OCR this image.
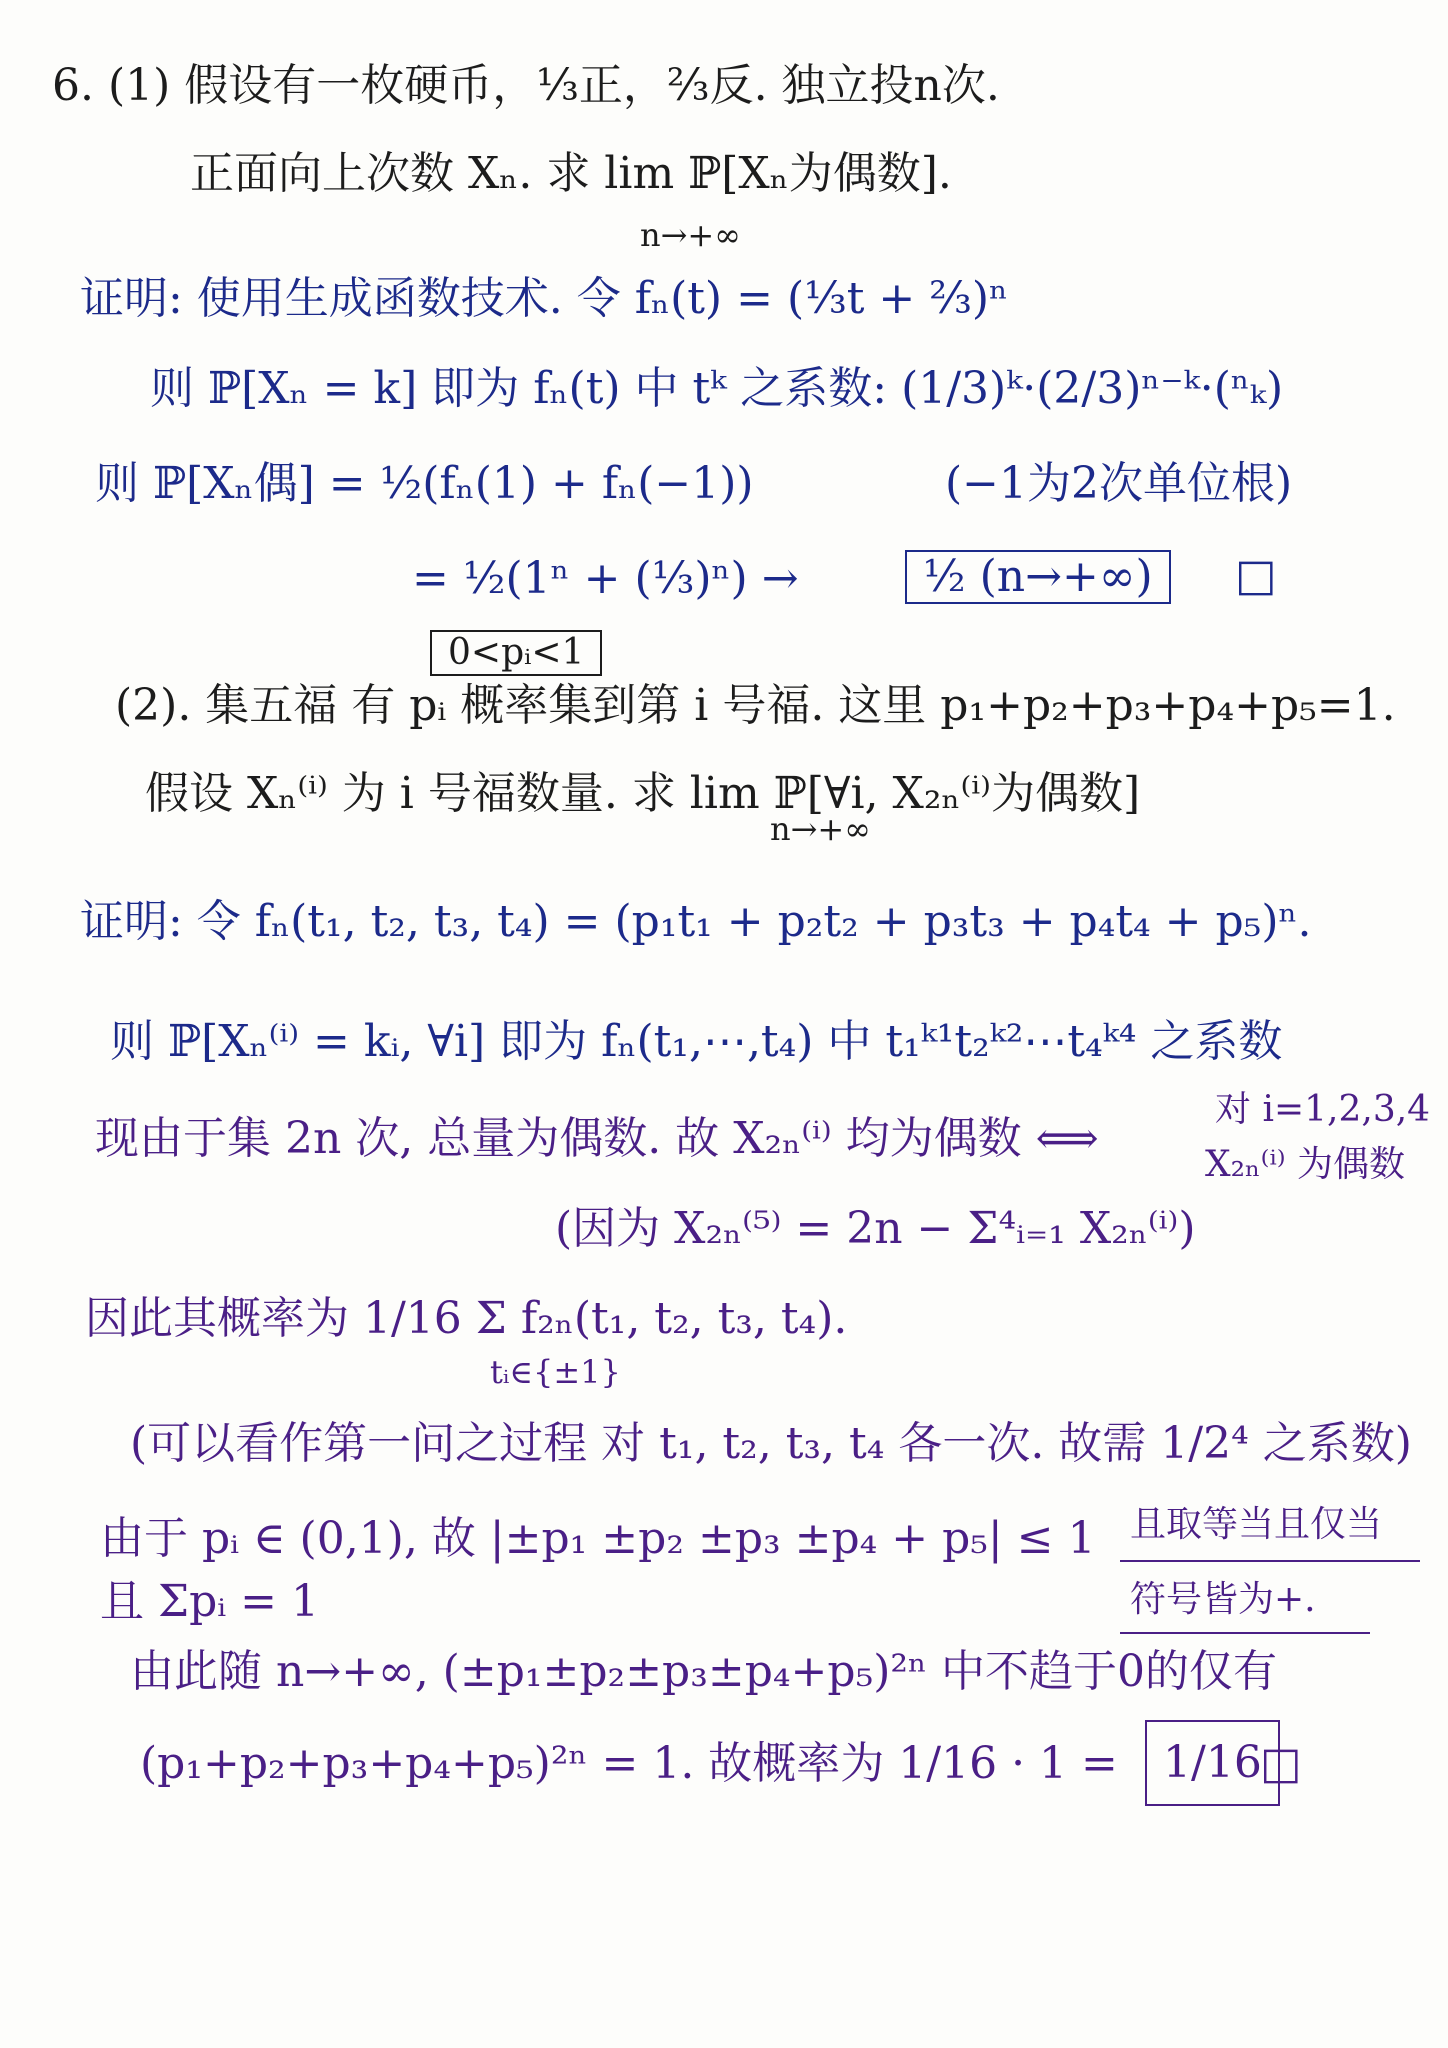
6. (1) 假设有一枚硬币，⅓正，⅔反. 独立投n次.
正面向上次数 Xₙ. 求 lim ℙ[Xₙ为偶数].
n→+∞
证明: 使用生成函数技术. 令 fₙ(t) = (⅓t + ⅔)ⁿ
则 ℙ[Xₙ = k] 即为 fₙ(t) 中 tᵏ 之系数: (1/3)ᵏ·(2/3)ⁿ⁻ᵏ·(ⁿₖ)
则 ℙ[Xₙ偶] = ½(fₙ(1) + fₙ(−1))	(−1为2次单位根)
= ½(1ⁿ + (⅓)ⁿ) →	½ (n→+∞)	□
0<pᵢ<1
(2). 集五福 有 pᵢ 概率集到第 i 号福. 这里 p₁+p₂+p₃+p₄+p₅=1.
假设 Xₙ⁽ⁱ⁾ 为 i 号福数量. 求 lim ℙ[∀i, X₂ₙ⁽ⁱ⁾为偶数]
n→+∞
证明: 令 fₙ(t₁, t₂, t₃, t₄) = (p₁t₁ + p₂t₂ + p₃t₃ + p₄t₄ + p₅)ⁿ.
则 ℙ[Xₙ⁽ⁱ⁾ = kᵢ, ∀i] 即为 fₙ(t₁,⋯,t₄) 中 t₁ᵏ¹t₂ᵏ²⋯t₄ᵏ⁴ 之系数
现由于集 2n 次, 总量为偶数. 故 X₂ₙ⁽ⁱ⁾ 均为偶数 ⟺
对 i=1,2,3,4
X₂ₙ⁽ⁱ⁾ 为偶数
(因为 X₂ₙ⁽⁵⁾ = 2n − Σ⁴ᵢ₌₁ X₂ₙ⁽ⁱ⁾)
因此其概率为 1/16 Σ f₂ₙ(t₁, t₂, t₃, t₄).
tᵢ∈{±1}
(可以看作第一问之过程 对 t₁, t₂, t₃, t₄ 各一次. 故需 1/2⁴ 之系数)
由于 pᵢ ∈ (0,1), 故 |±p₁ ±p₂ ±p₃ ±p₄ + p₅| ≤ 1
且 Σpᵢ = 1
且取等当且仅当
符号皆为+.
由此随 n→+∞, (±p₁±p₂±p₃±p₄+p₅)²ⁿ 中不趋于0的仅有
(p₁+p₂+p₃+p₄+p₅)²ⁿ = 1. 故概率为 1/16 · 1 =	1/16
□
